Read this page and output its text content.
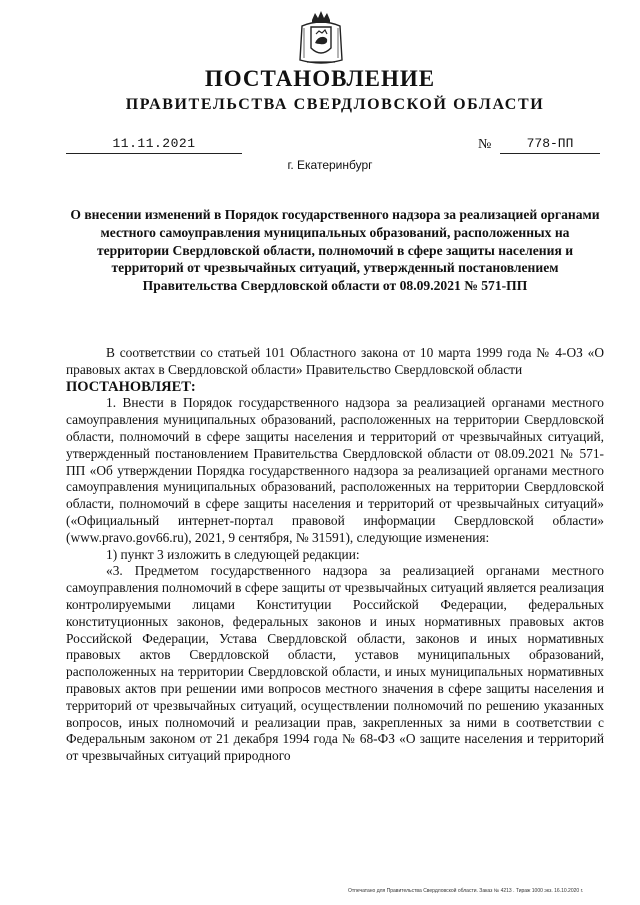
ПОСТАНОВЛЕНИЕ
ПРАВИТЕЛЬСТВА СВЕРДЛОВСКОЙ ОБЛАСТИ
11.11.2021	№	778-ПП
г. Екатеринбург
О внесении изменений в Порядок государственного надзора за реализацией органами местного самоуправления муниципальных образований, расположенных на территории Свердловской области, полномочий в сфере защиты населения и территорий от чрезвычайных ситуаций, утвержденный постановлением Правительства Свердловской области от 08.09.2021 № 571-ПП

В соответствии со статьей 101 Областного закона от 10 марта 1999 года № 4-ОЗ «О правовых актах в Свердловской области» Правительство Свердловской области

ПОСТАНОВЛЯЕТ:

1. Внести в Порядок государственного надзора за реализацией органами местного самоуправления муниципальных образований, расположенных на территории Свердловской области, полномочий в сфере защиты населения и территорий от чрезвычайных ситуаций, утвержденный постановлением Правительства Свердловской области от 08.09.2021 № 571-ПП «Об утверждении Порядка государственного надзора за реализацией органами местного самоуправления муниципальных образований, расположенных на территории Свердловской области, полномочий в сфере защиты населения и территорий от чрезвычайных ситуаций» («Официальный интернет-портал правовой информации Свердловской области» (www.pravo.gov66.ru), 2021, 9 сентября, № 31591), следующие изменения:

1) пункт 3 изложить в следующей редакции:

«3. Предметом государственного надзора за реализацией органами местного самоуправления полномочий в сфере защиты от чрезвычайных ситуаций является реализация контролируемыми лицами Конституции Российской Федерации, федеральных конституционных законов, федеральных законов и иных нормативных правовых актов Российской Федерации, Устава Свердловской области, законов и иных нормативных правовых актов Свердловской области, уставов муниципальных образований, расположенных на территории Свердловской области, и иных муниципальных нормативных правовых актов при решении ими вопросов местного значения в сфере защиты населения и территорий от чрезвычайных ситуаций, осуществлении полномочий по решению указанных вопросов, иных полномочий и реализации прав, закрепленных за ними в соответствии с Федеральным законом от 21 декабря 1994 года № 68-ФЗ «О защите населения и территорий от чрезвычайных ситуаций природного

Отпечатано для Правительства Свердловской области. Заказ № 4213 . Тираж 1000 экз. 16.10.2020 г.
